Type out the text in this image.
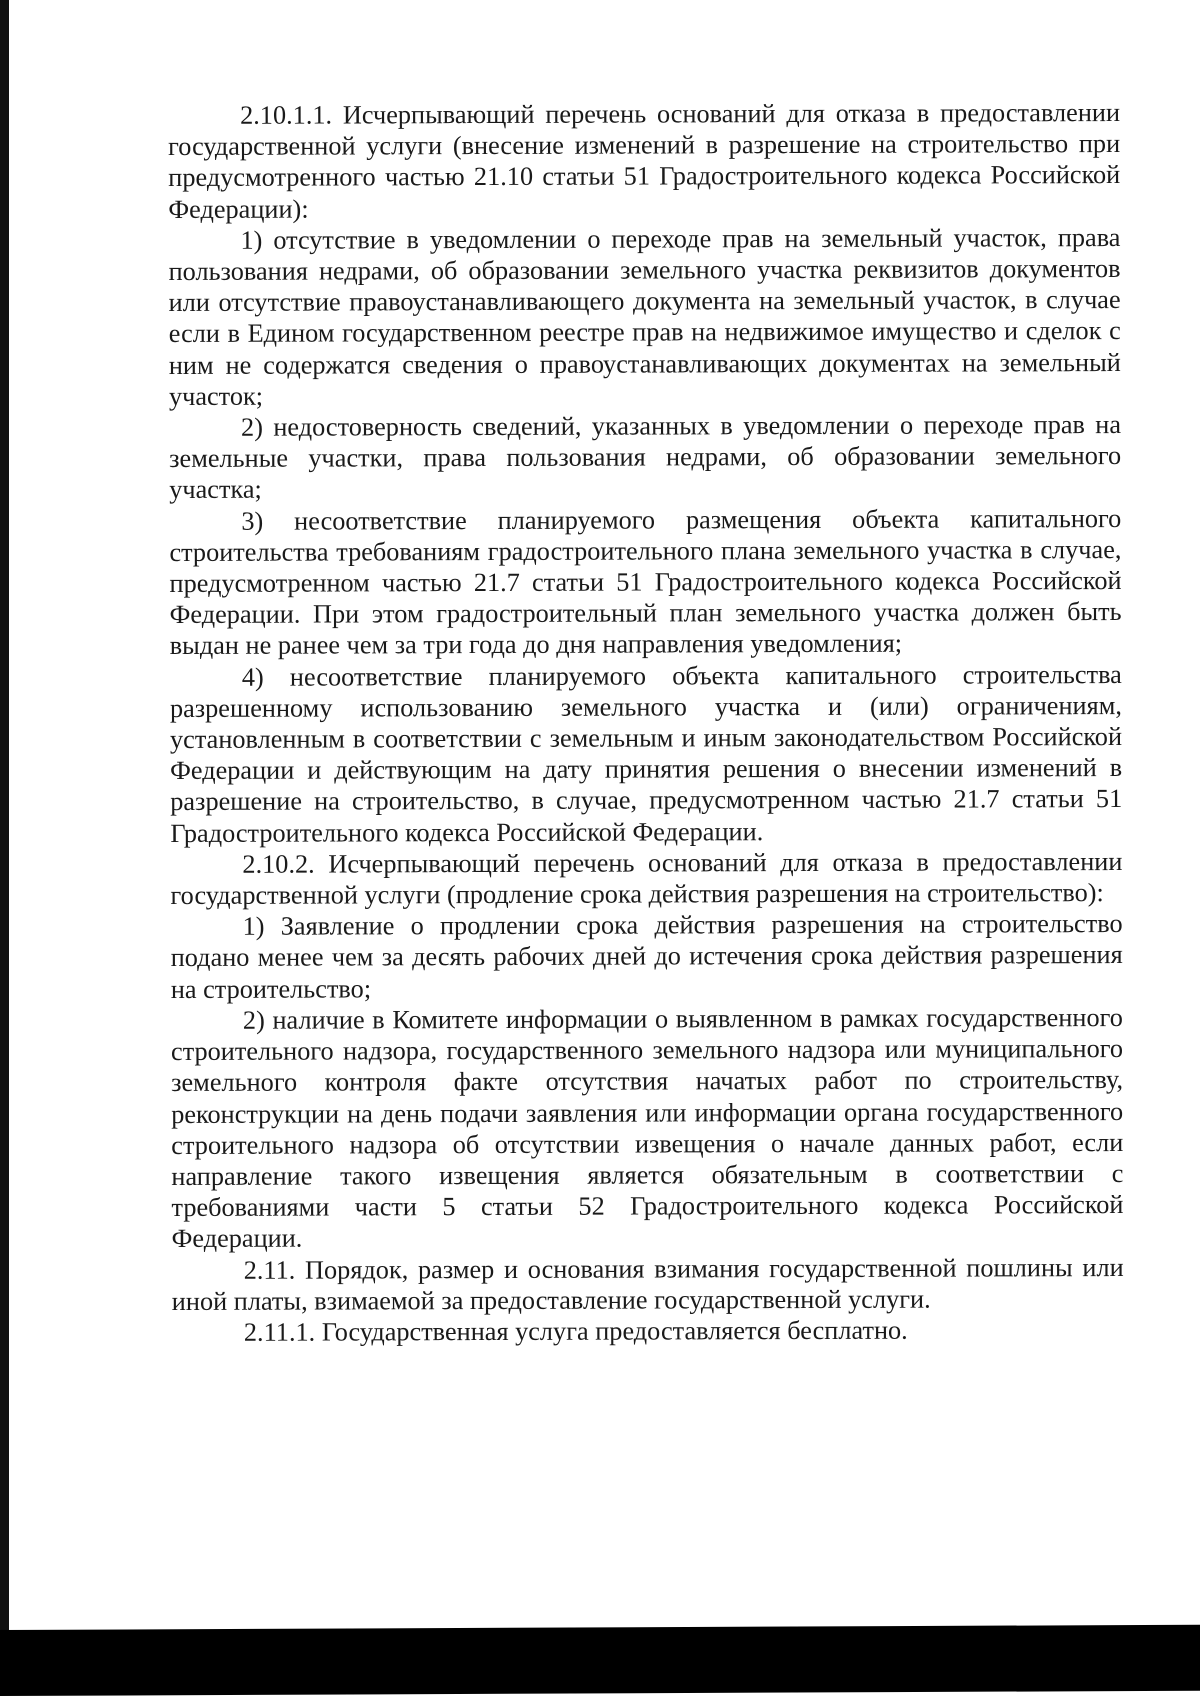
2.10.1.1. Исчерпывающий перечень оснований для отказа в предоставлении государственной услуги (внесение изменений в разрешение на строительство при предусмотренного частью 21.10 статьи 51 Градостроительного кодекса Российской Федерации):

1) отсутствие в уведомлении о переходе прав на земельный участок, права пользования недрами, об образовании земельного участка реквизитов документов или отсутствие правоустанавливающего документа на земельный участок, в случае если в Едином государственном реестре прав на недвижимое имущество и сделок с ним не содержатся сведения о правоустанавливающих документах на земельный участок;

2) недостоверность сведений, указанных в уведомлении о переходе прав на земельные участки, права пользования недрами, об образовании земельного участка;

3) несоответствие планируемого размещения объекта капитального строительства требованиям градостроительного плана земельного участка в случае, предусмотренном частью 21.7 статьи 51 Градостроительного кодекса Российской Федерации. При этом градостроительный план земельного участка должен быть выдан не ранее чем за три года до дня направления уведомления;

4) несоответствие планируемого объекта капитального строительства разрешенному использованию земельного участка и (или) ограничениям, установленным в соответствии с земельным и иным законодательством Российской Федерации и действующим на дату принятия решения о внесении изменений в разрешение на строительство, в случае, предусмотренном частью 21.7 статьи 51 Градостроительного кодекса Российской Федерации.

2.10.2. Исчерпывающий перечень оснований для отказа в предоставлении государственной услуги (продление срока действия разрешения на строительство):

1) Заявление о продлении срока действия разрешения на строительство подано менее чем за десять рабочих дней до истечения срока действия разрешения на строительство;

2) наличие в Комитете информации о выявленном в рамках государственного строительного надзора, государственного земельного надзора или муниципального земельного контроля факте отсутствия начатых работ по строительству, реконструкции на день подачи заявления или информации органа государственного строительного надзора об отсутствии извещения о начале данных работ, если направление такого извещения является обязательным в соответствии с требованиями части 5 статьи 52 Градостроительного кодекса Российской Федерации.

2.11. Порядок, размер и основания взимания государственной пошлины или иной платы, взимаемой за предоставление государственной услуги.

2.11.1. Государственная услуга предоставляется бесплатно.
